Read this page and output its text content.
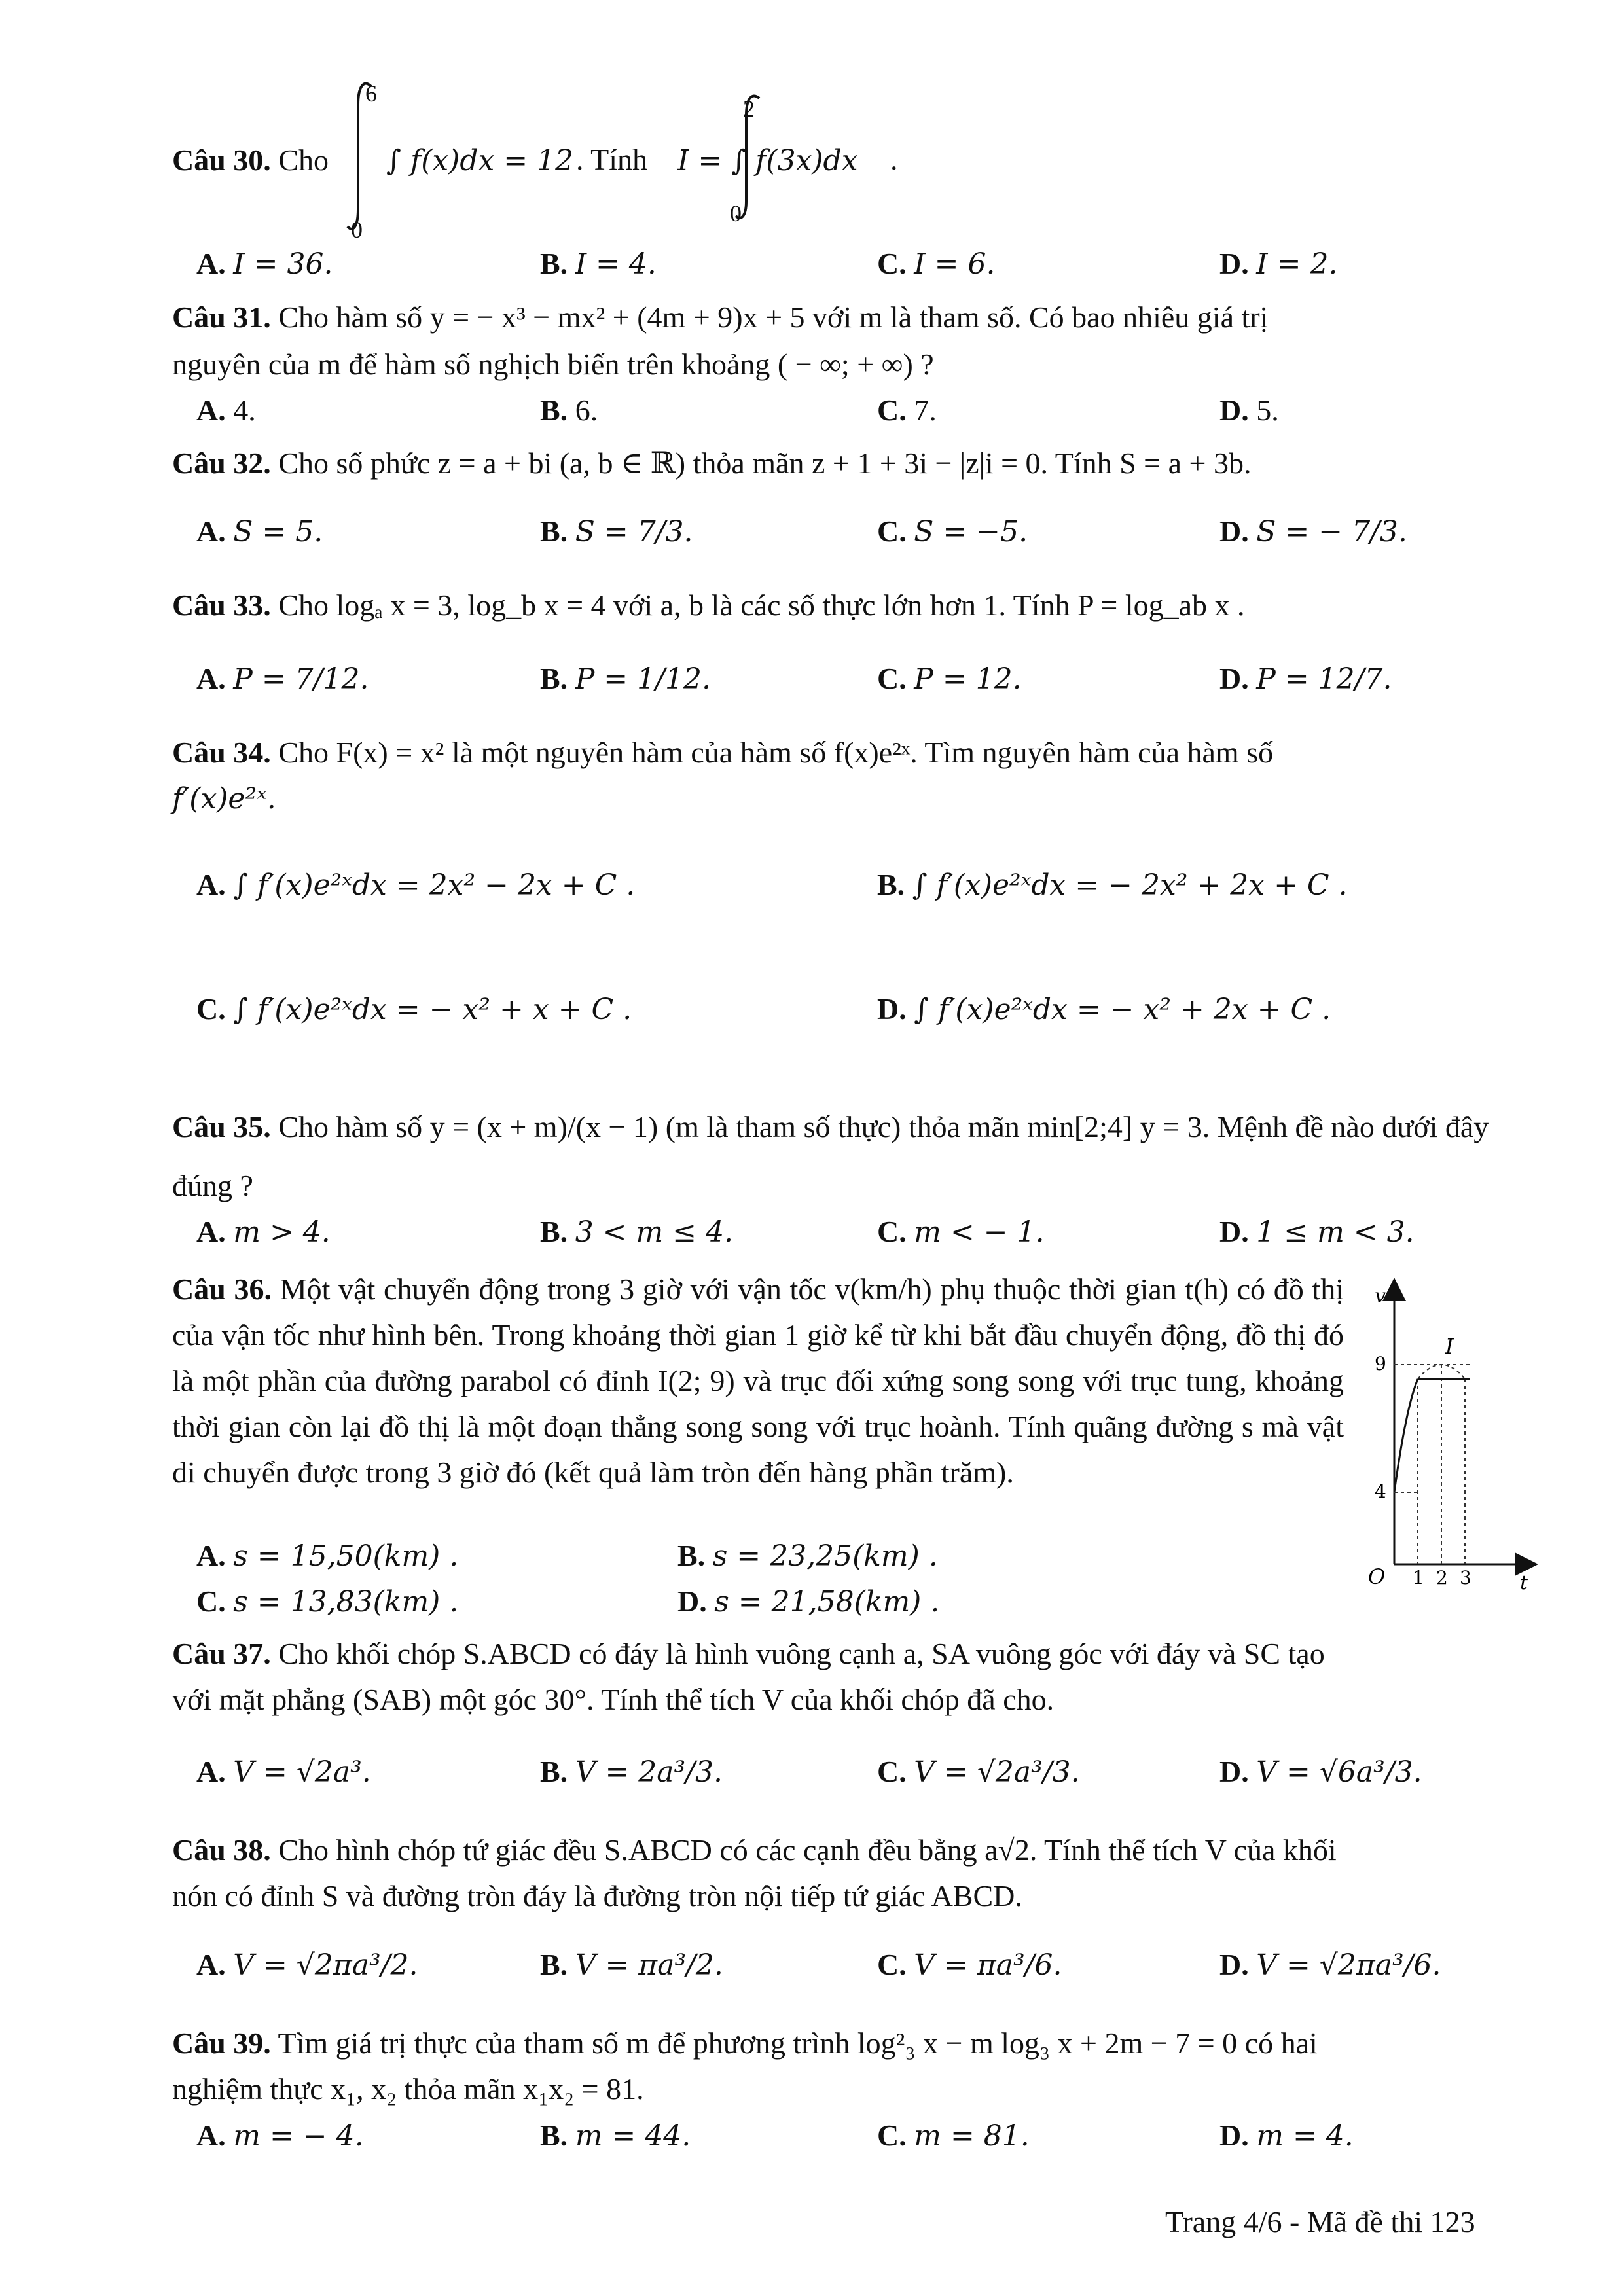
Câu 30. Cho
6
0
∫ f(x)dx = 12 . Tính I = ∫ f(3x)dx
2
0
.
A. I = 36.	B. I = 4.	C. I = 6.	D. I = 2.
Câu 31. Cho hàm số y = − x³ − mx² + (4m + 9)x + 5 với m là tham số. Có bao nhiêu giá trị
nguyên của m để hàm số nghịch biến trên khoảng ( − ∞; + ∞) ?
A. 4.	B. 6.	C. 7.	D. 5.
Câu 32. Cho số phức z = a + bi (a, b ∈ ℝ) thỏa mãn z + 1 + 3i − |z|i = 0. Tính S = a + 3b.
A. S = 5.	B. S = 7/3.	C. S = −5.	D. S = − 7/3.
Câu 33. Cho logₐ x = 3, log_b x = 4 với a, b là các số thực lớn hơn 1. Tính P = log_ab x .
A. P = 7/12.	B. P = 1/12.	C. P = 12.	D. P = 12/7.
Câu 34. Cho F(x) = x² là một nguyên hàm của hàm số f(x)e²ˣ. Tìm nguyên hàm của hàm số
f′(x)e²ˣ.
A. ∫ f′(x)e²ˣdx = 2x² − 2x + C .	B. ∫ f′(x)e²ˣdx = − 2x² + 2x + C .
C. ∫ f′(x)e²ˣdx = − x² + x + C .	D. ∫ f′(x)e²ˣdx = − x² + 2x + C .
Câu 35. Cho hàm số y = (x + m)/(x − 1) (m là tham số thực) thỏa mãn min[2;4] y = 3. Mệnh đề nào dưới đây
đúng ?
A. m > 4.	B. 3 < m ≤ 4.	C. m < − 1.	D. 1 ≤ m < 3.
Câu 36. Một vật chuyển động trong 3 giờ với vận tốc v(km/h) phụ thuộc thời gian t(h) có đồ thị của vận tốc như hình bên. Trong khoảng thời gian 1 giờ kể từ khi bắt đầu chuyển động, đồ thị đó là một phần của đường parabol có đỉnh I(2; 9) và trục đối xứng song song với trục tung, khoảng thời gian còn lại đồ thị là một đoạn thẳng song song với trục hoành. Tính quãng đường s mà vật di chuyển được trong 3 giờ đó (kết quả làm tròn đến hàng phần trăm).
A. s = 15,50(km) .	B. s = 23,25(km) .
C. s = 13,83(km) .	D. s = 21,58(km) .
v
t
O
I
9
4
1 2 3
Câu 37. Cho khối chóp S.ABCD có đáy là hình vuông cạnh a, SA vuông góc với đáy và SC tạo
với mặt phẳng (SAB) một góc 30°. Tính thể tích V của khối chóp đã cho.
A. V = √2a³.	B. V = 2a³/3.	C. V = √2a³/3.	D. V = √6a³/3.
Câu 38. Cho hình chóp tứ giác đều S.ABCD có các cạnh đều bằng a√2. Tính thể tích V của khối
nón có đỉnh S và đường tròn đáy là đường tròn nội tiếp tứ giác ABCD.
A. V = √2πa³/2.	B. V = πa³/2.	C. V = πa³/6.	D. V = √2πa³/6.
Câu 39. Tìm giá trị thực của tham số m để phương trình log²₃ x − m log₃ x + 2m − 7 = 0 có hai
nghiệm thực x₁, x₂ thỏa mãn x₁x₂ = 81.
A. m = − 4.	B. m = 44.	C. m = 81.	D. m = 4.
Trang 4/6 - Mã đề thi 123
